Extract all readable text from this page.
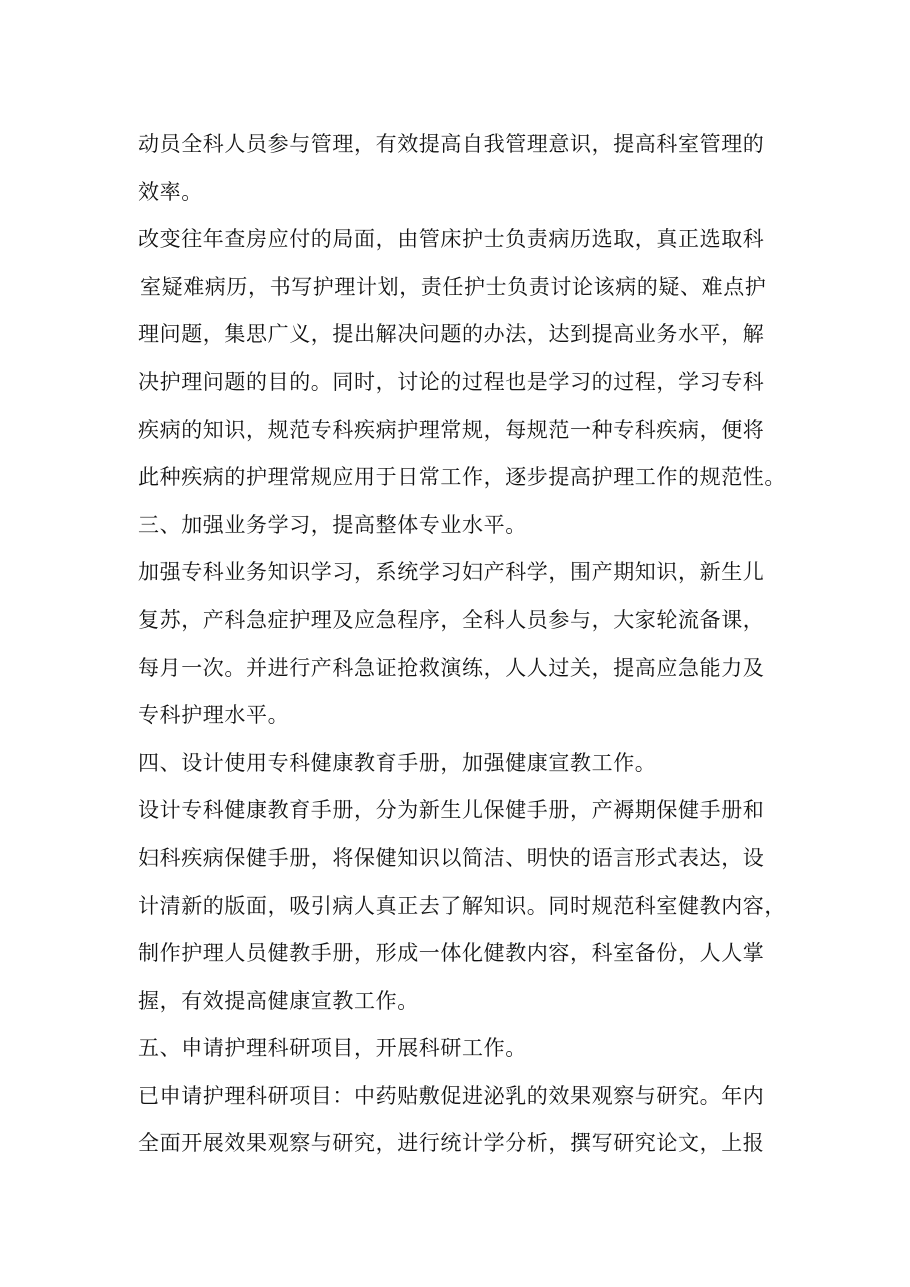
动员全科人员参与管理，有效提高自我管理意识，提高科室管理的
效率。
改变往年查房应付的局面，由管床护士负责病历选取，真正选取科
室疑难病历，书写护理计划，责任护士负责讨论该病的疑、难点护
理问题，集思广义，提出解决问题的办法，达到提高业务水平，解
决护理问题的目的。同时，讨论的过程也是学习的过程，学习专科
疾病的知识，规范专科疾病护理常规，每规范一种专科疾病，便将
此种疾病的护理常规应用于日常工作，逐步提高护理工作的规范性。
三、加强业务学习，提高整体专业水平。
加强专科业务知识学习，系统学习妇产科学，围产期知识，新生儿
复苏，产科急症护理及应急程序，全科人员参与，大家轮流备课，
每月一次。并进行产科急证抢救演练，人人过关，提高应急能力及
专科护理水平。
四、设计使用专科健康教育手册，加强健康宣教工作。
设计专科健康教育手册，分为新生儿保健手册，产褥期保健手册和
妇科疾病保健手册，将保健知识以简洁、明快的语言形式表达，设
计清新的版面，吸引病人真正去了解知识。同时规范科室健教内容，
制作护理人员健教手册，形成一体化健教内容，科室备份，人人掌
握，有效提高健康宣教工作。
五、申请护理科研项目，开展科研工作。
已申请护理科研项目：中药贴敷促进泌乳的效果观察与研究。年内
全面开展效果观察与研究，进行统计学分析，撰写研究论文，上报
